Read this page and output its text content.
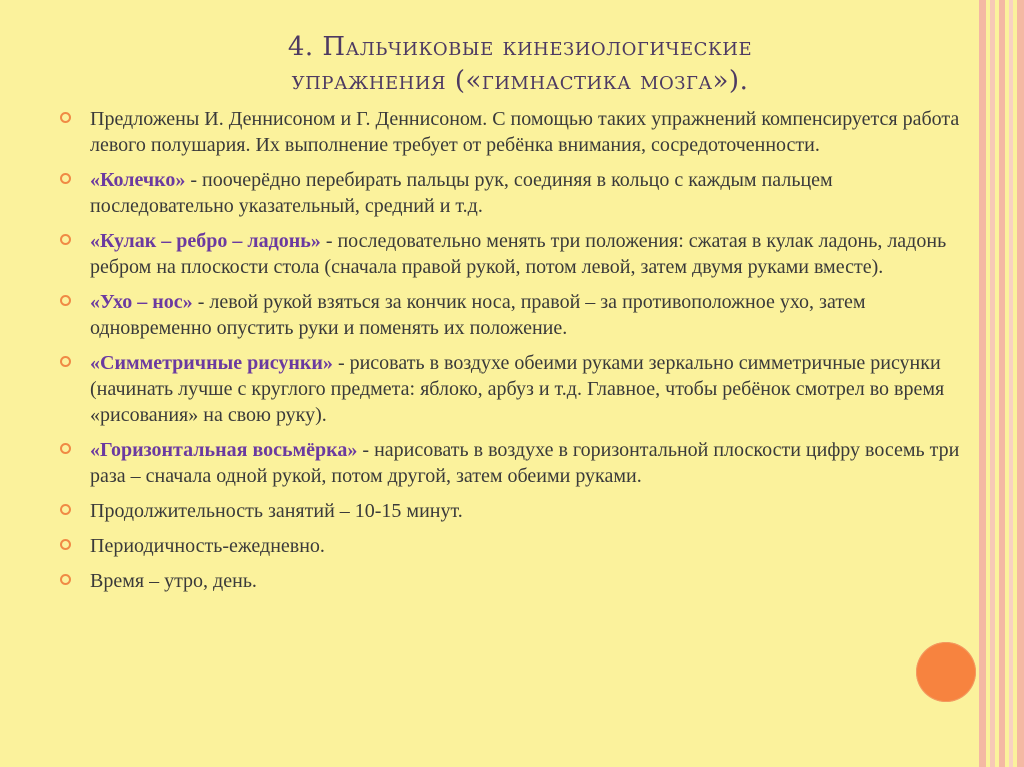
4. Пальчиковые кинезиологические
упражнения («гимнастика мозга»).
Предложены И. Деннисоном и Г. Деннисоном. С помощью таких упражнений компенсируется работа левого полушария. Их выполнение требует от ребёнка внимания, сосредоточенности.
«Колечко» - поочерёдно перебирать пальцы рук, соединяя в кольцо с каждым пальцем последовательно указательный, средний и т.д.
«Кулак – ребро – ладонь» - последовательно менять три положения: сжатая в кулак ладонь, ладонь ребром на плоскости стола (сначала правой рукой, потом левой, затем двумя руками вместе).
«Ухо – нос» - левой рукой взяться за кончик носа, правой – за противоположное ухо, затем одновременно опустить руки и поменять их положение.
«Симметричные рисунки» - рисовать в воздухе обеими руками зеркально симметричные рисунки (начинать лучше с круглого предмета: яблоко, арбуз и т.д. Главное, чтобы ребёнок смотрел во время «рисования» на свою руку).
«Горизонтальная восьмёрка» - нарисовать в воздухе в горизонтальной плоскости цифру восемь три раза – сначала одной рукой, потом другой, затем обеими руками.
Продолжительность занятий – 10-15 минут.
Периодичность-ежедневно.
Время – утро, день.
